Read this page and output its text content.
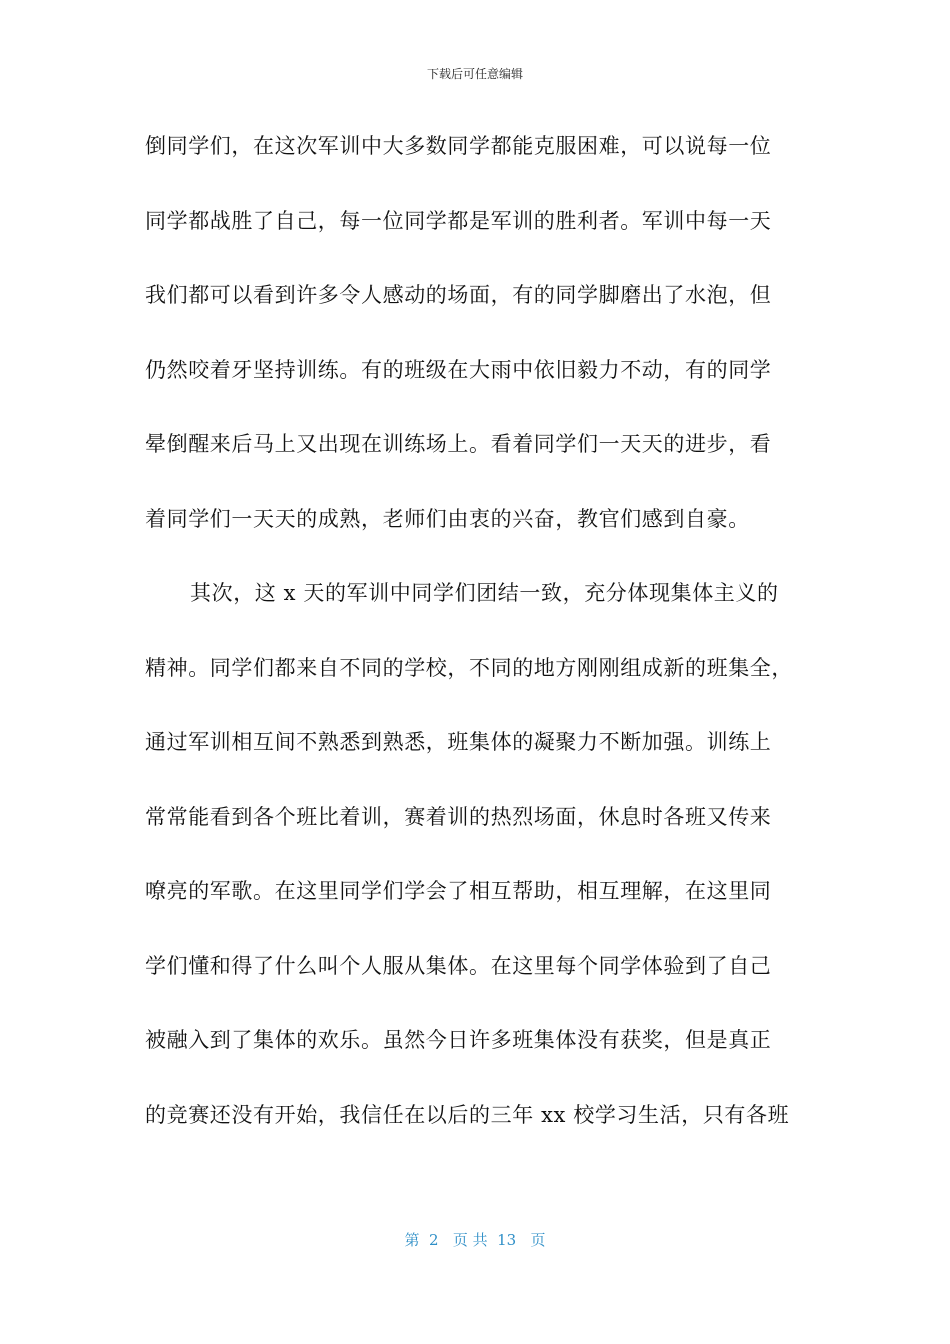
下载后可任意编辑
倒同学们，在这次军训中大多数同学都能克服困难，可以说每一位
同学都战胜了自己，每一位同学都是军训的胜利者。军训中每一天
我们都可以看到许多令人感动的场面，有的同学脚磨出了水泡，但
仍然咬着牙坚持训练。有的班级在大雨中依旧毅力不动，有的同学
晕倒醒来后马上又出现在训练场上。看着同学们一天天的进步，看
着同学们一天天的成熟，老师们由衷的兴奋，教官们感到自豪。
其次，这 x 天的军训中同学们团结一致，充分体现集体主义的
精神。同学们都来自不同的学校，不同的地方刚刚组成新的班集全，
通过军训相互间不熟悉到熟悉，班集体的凝聚力不断加强。训练上
常常能看到各个班比着训，赛着训的热烈场面，休息时各班又传来
嘹亮的军歌。在这里同学们学会了相互帮助，相互理解，在这里同
学们懂和得了什么叫个人服从集体。在这里每个同学体验到了自己
被融入到了集体的欢乐。虽然今日许多班集体没有获奖，但是真正
的竞赛还没有开始，我信任在以后的三年 xx 校学习生活，只有各班
第  2   页 共  13   页
